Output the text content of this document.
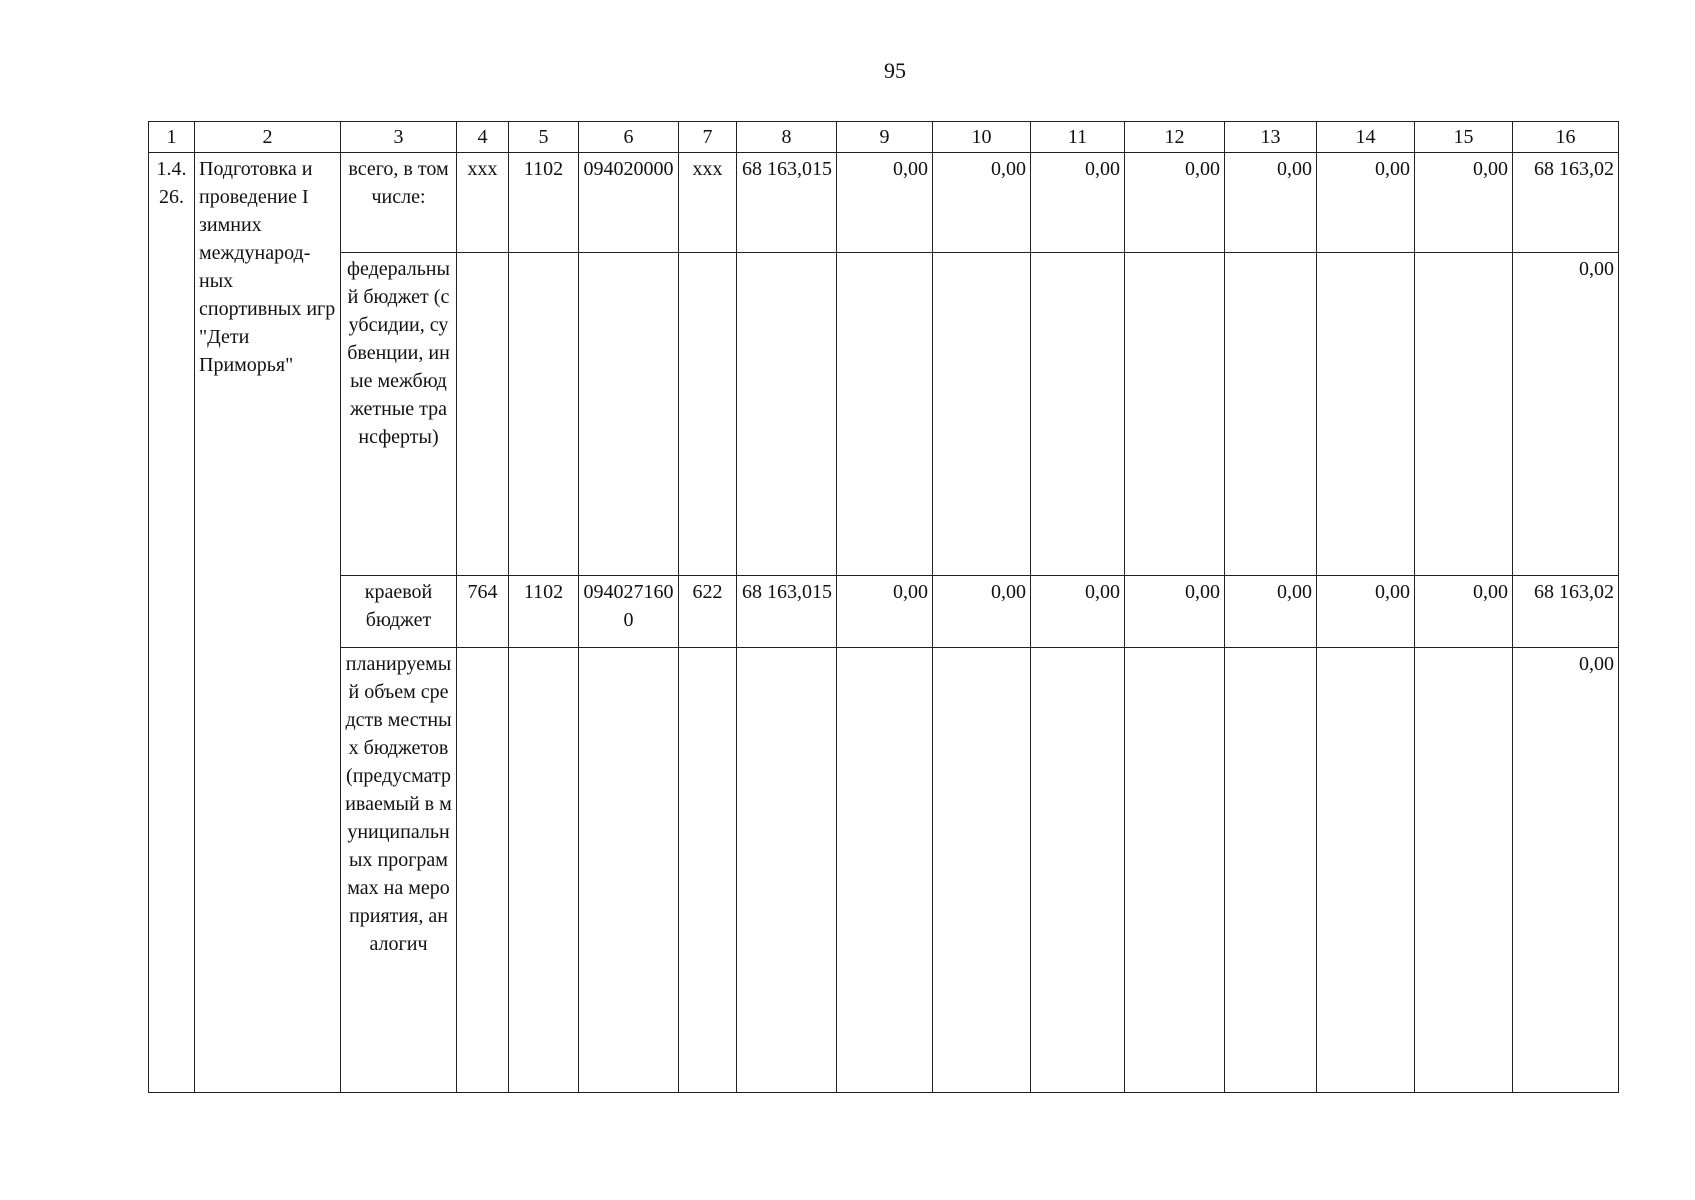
95
1	2	3	4	5	6	7	8	9	10	11	12	13	14	15	16
1.4.26.	Подготовка и проведение I зимних международ-ных спортивных игр "Дети Приморья"	всего, в том числе:	xxx	1102	094020000	xxx	68 163,015	0,00	0,00	0,00	0,00	0,00	0,00	0,00	68 163,02
		федеральный бюджет (субсидии, субвенции, иные межбюджетные трансферты)													0,00
		краевой бюджет	764	1102	0940271600	622	68 163,015	0,00	0,00	0,00	0,00	0,00	0,00	0,00	68 163,02
		планируемый объем средств местных бюджетов (предусматриваемый в муниципальных программах на мероприятия, аналогич													0,00
